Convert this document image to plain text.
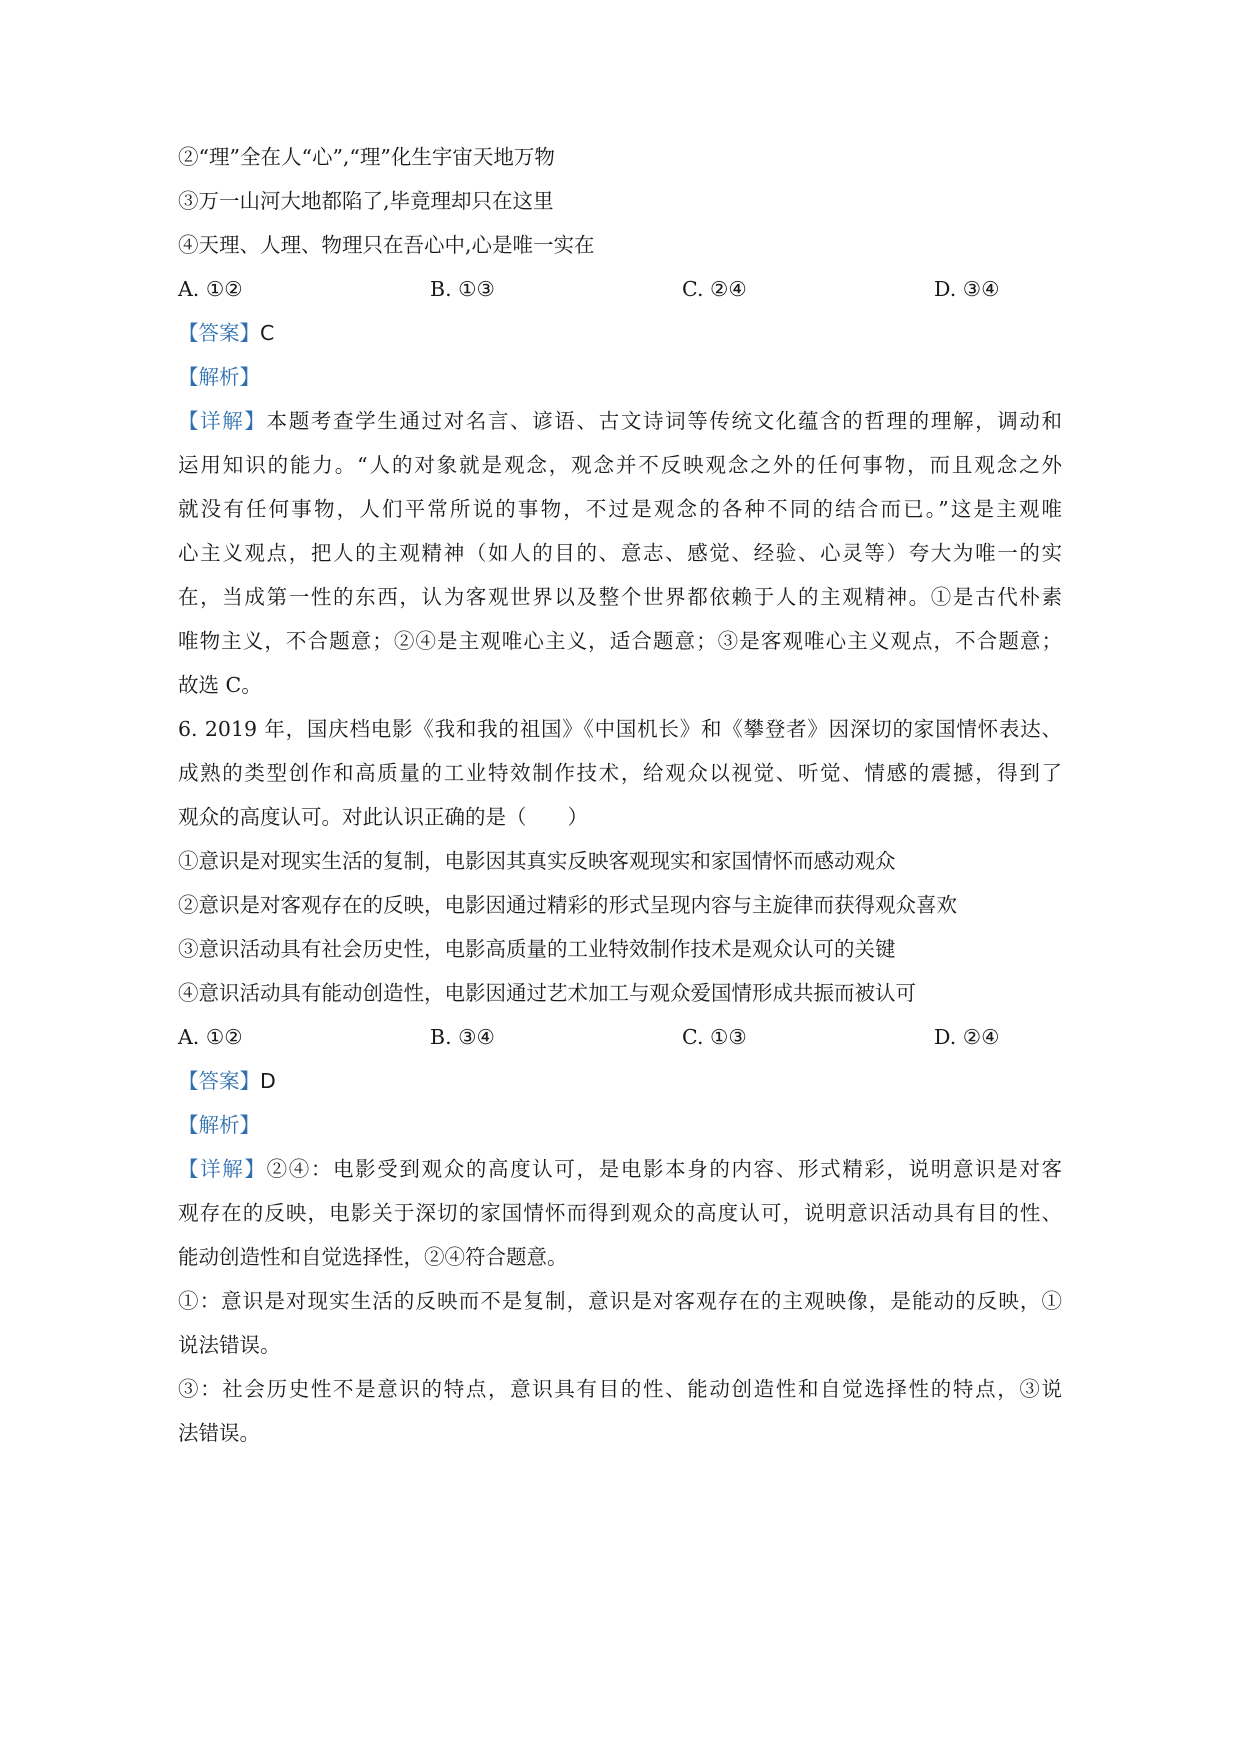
②“理”全在人“心”,“理”化生宇宙天地万物
③万一山河大地都陷了,毕竟理却只在这里
④天理、人理、物理只在吾心中,心是唯一实在
A. ①②	B. ①③	C. ②④	D. ③④
【答案】C
【解析】
【详解】本题考查学生通过对名言、谚语、古文诗词等传统文化蕴含的哲理的理解，调动和
运用知识的能力。“人的对象就是观念，观念并不反映观念之外的任何事物，而且观念之外
就没有任何事物，人们平常所说的事物，不过是观念的各种不同的结合而已。”这是主观唯
心主义观点，把人的主观精神（如人的目的、意志、感觉、经验、心灵等）夸大为唯一的实
在，当成第一性的东西，认为客观世界以及整个世界都依赖于人的主观精神。①是古代朴素
唯物主义，不合题意；②④是主观唯心主义，适合题意；③是客观唯心主义观点，不合题意；
故选 C。
6. 2019 年，国庆档电影《我和我的祖国》《中国机长》和《攀登者》因深切的家国情怀表达、
成熟的类型创作和高质量的工业特效制作技术，给观众以视觉、听觉、情感的震撼，得到了
观众的高度认可。对此认识正确的是（　　）
①意识是对现实生活的复制，电影因其真实反映客观现实和家国情怀而感动观众
②意识是对客观存在的反映，电影因通过精彩的形式呈现内容与主旋律而获得观众喜欢
③意识活动具有社会历史性，电影高质量的工业特效制作技术是观众认可的关键
④意识活动具有能动创造性，电影因通过艺术加工与观众爱国情形成共振而被认可
A. ①②	B. ③④	C. ①③	D. ②④
【答案】D
【解析】
【详解】②④：电影受到观众的高度认可，是电影本身的内容、形式精彩，说明意识是对客
观存在的反映，电影关于深切的家国情怀而得到观众的高度认可，说明意识活动具有目的性、
能动创造性和自觉选择性，②④符合题意。
①：意识是对现实生活的反映而不是复制，意识是对客观存在的主观映像，是能动的反映，①
说法错误。
③：社会历史性不是意识的特点，意识具有目的性、能动创造性和自觉选择性的特点，③说
法错误。
